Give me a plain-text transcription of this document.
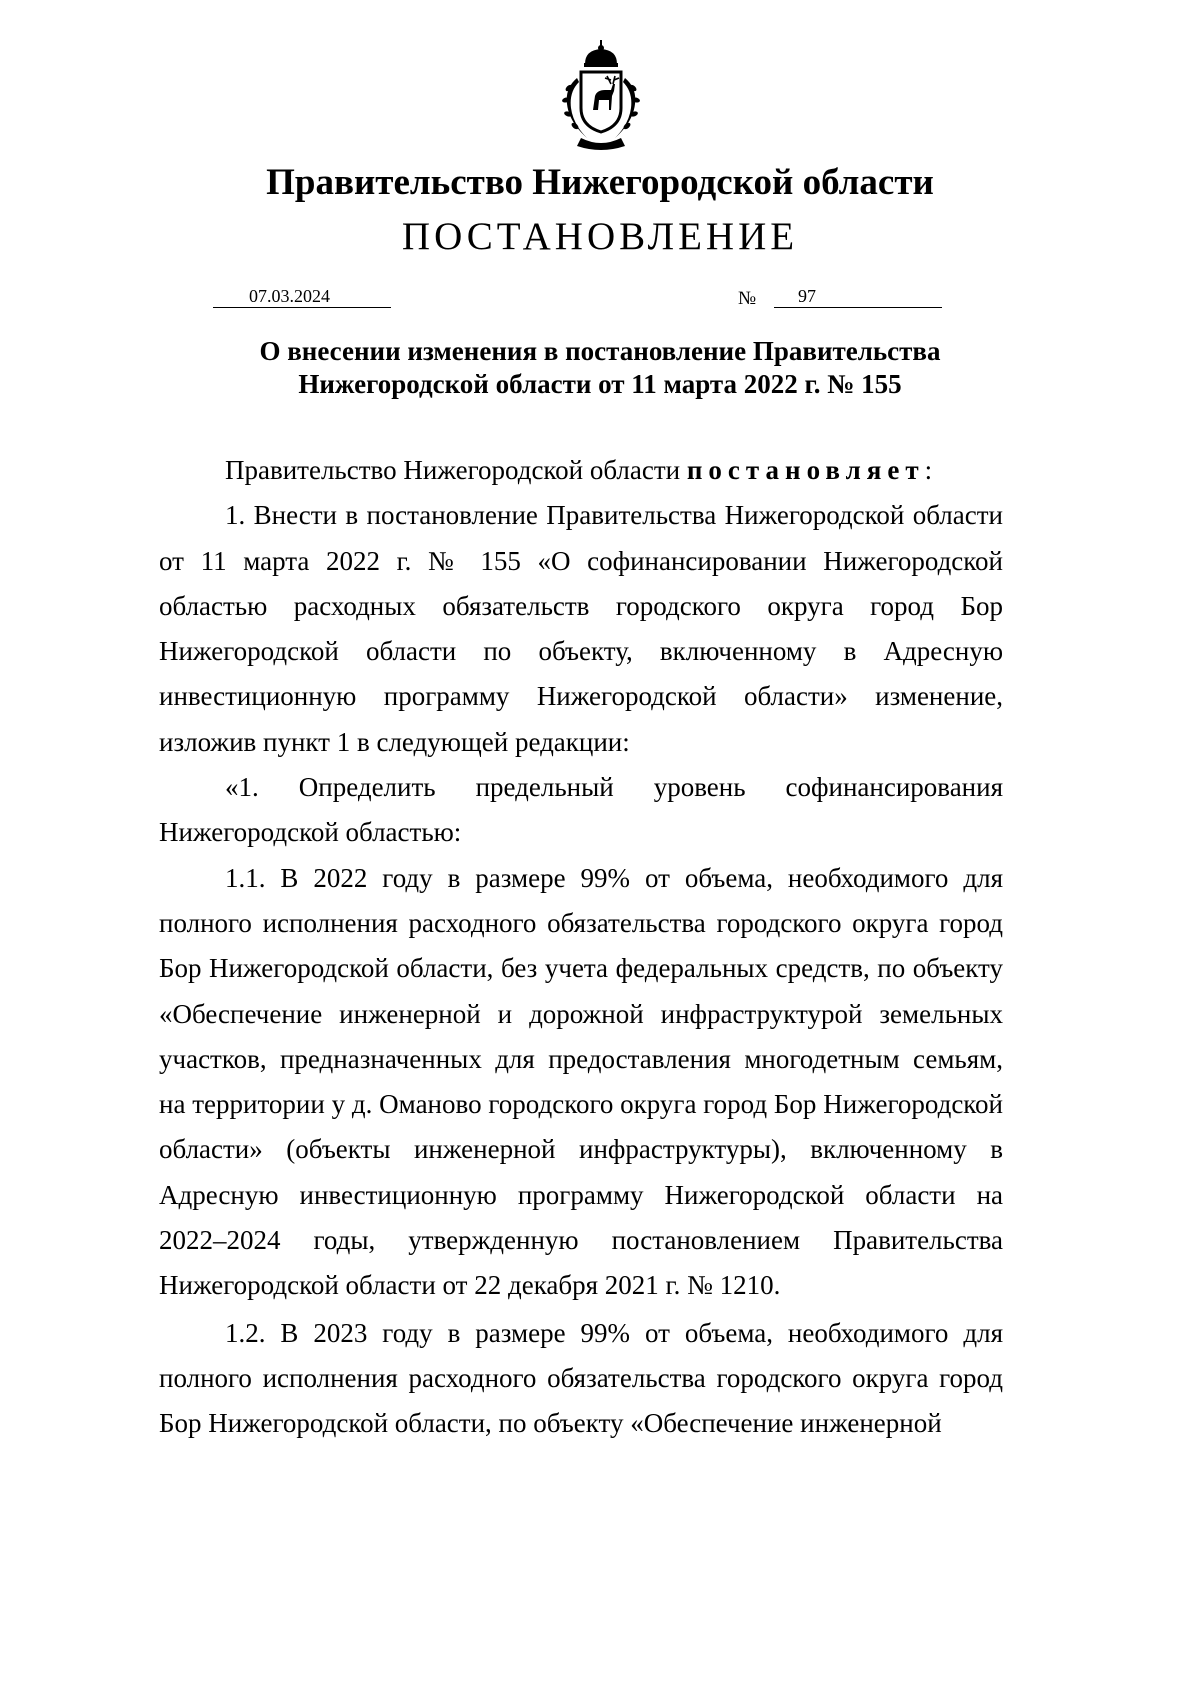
Правительство Нижегородской области
ПОСТАНОВЛЕНИЕ
07.03.2024	№ 97
О внесении изменения в постановление Правительства
Нижегородской области от 11 марта 2022 г. № 155

Правительство Нижегородской области постановляет:

1. Внести в постановление Правительства Нижегородской области от 11 марта 2022 г. № 155 «О софинансировании Нижегородской областью расходных обязательств городского округа город Бор Нижегородской области по объекту, включенному в Адресную инвестиционную программу Нижегородской области» изменение, изложив пункт 1 в следующей редакции:

«1. Определить предельный уровень софинансирования Нижегородской областью:

1.1. В 2022 году в размере 99% от объема, необходимого для полного исполнения расходного обязательства городского округа город Бор Нижегородской области, без учета федеральных средств, по объекту «Обеспечение инженерной и дорожной инфраструктурой земельных участков, предназначенных для предоставления многодетным семьям, на территории у д. Оманово городского округа город Бор Нижегородской области» (объекты инженерной инфраструктуры), включенному в Адресную инвестиционную программу Нижегородской области на 2022–2024 годы, утвержденную постановлением Правительства Нижегородской области от 22 декабря 2021 г. № 1210.

1.2. В 2023 году в размере 99% от объема, необходимого для полного исполнения расходного обязательства городского округа город Бор Нижегородской области, по объекту «Обеспечение инженерной
